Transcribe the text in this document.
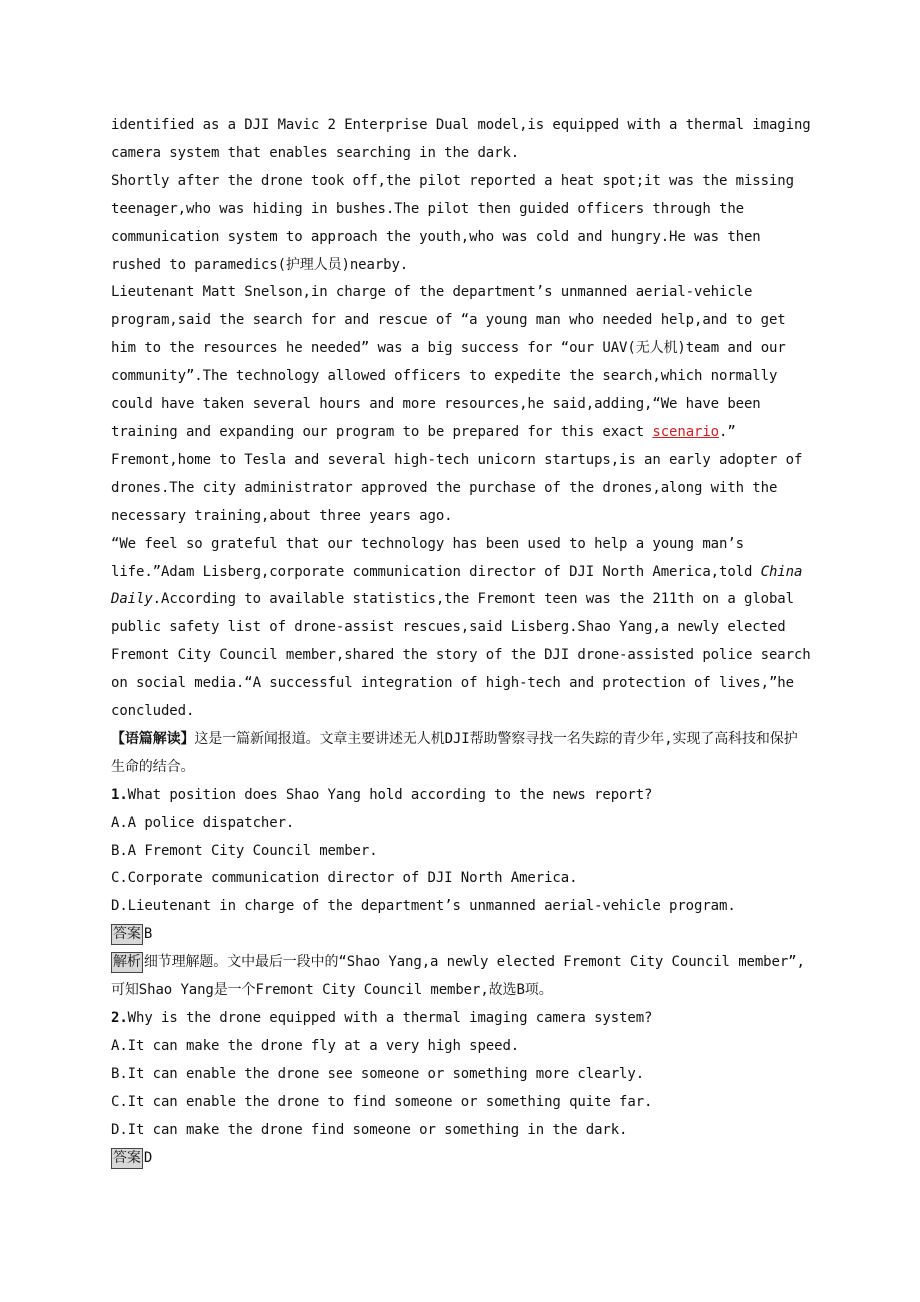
identified as a DJI Mavic 2 Enterprise Dual model,is equipped with a thermal imaging camera system that enables searching in the dark.

Shortly after the drone took off,the pilot reported a heat spot;it was the missing teenager,who was hiding in bushes.The pilot then guided officers through the communication system to approach the youth,who was cold and hungry.He was then rushed to paramedics(护理人员)nearby.

Lieutenant Matt Snelson,in charge of the department’s unmanned aerial-vehicle program,said the search for and rescue of “a young man who needed help,and to get him to the resources he needed” was a big success for “our UAV(无人机)team and our community”.The technology allowed officers to expedite the search,which normally could have taken several hours and more resources,he said,adding,“We have been training and expanding our program to be prepared for this exact scenario.”

Fremont,home to Tesla and several high-tech unicorn startups,is an early adopter of drones.The city administrator approved the purchase of the drones,along with the necessary training,about three years ago.

“We feel so grateful that our technology has been used to help a young man’s life.”Adam Lisberg,corporate communication director of DJI North America,told China Daily.According to available statistics,the Fremont teen was the 211th on a global public safety list of drone-assist rescues,said Lisberg.Shao Yang,a newly elected Fremont City Council member,shared the story of the DJI drone-assisted police search on social media.“A successful integration of high-tech and protection of lives,”he concluded.

【语篇解读】这是一篇新闻报道。文章主要讲述无人机DJI帮助警察寻找一名失踪的青少年,实现了高科技和保护生命的结合。

1.What position does Shao Yang hold according to the news report?

A.A police dispatcher.

B.A Fremont City Council member.

C.Corporate communication director of DJI North America.

D.Lieutenant in charge of the department’s unmanned aerial-vehicle program.

答案 B

解析 细节理解题。文中最后一段中的“Shao Yang,a newly elected Fremont City Council member”,可知Shao Yang是一个Fremont City Council member,故选B项。

2.Why is the drone equipped with a thermal imaging camera system?

A.It can make the drone fly at a very high speed.

B.It can enable the drone see someone or something more clearly.

C.It can enable the drone to find someone or something quite far.

D.It can make the drone find someone or something in the dark.

答案 D
